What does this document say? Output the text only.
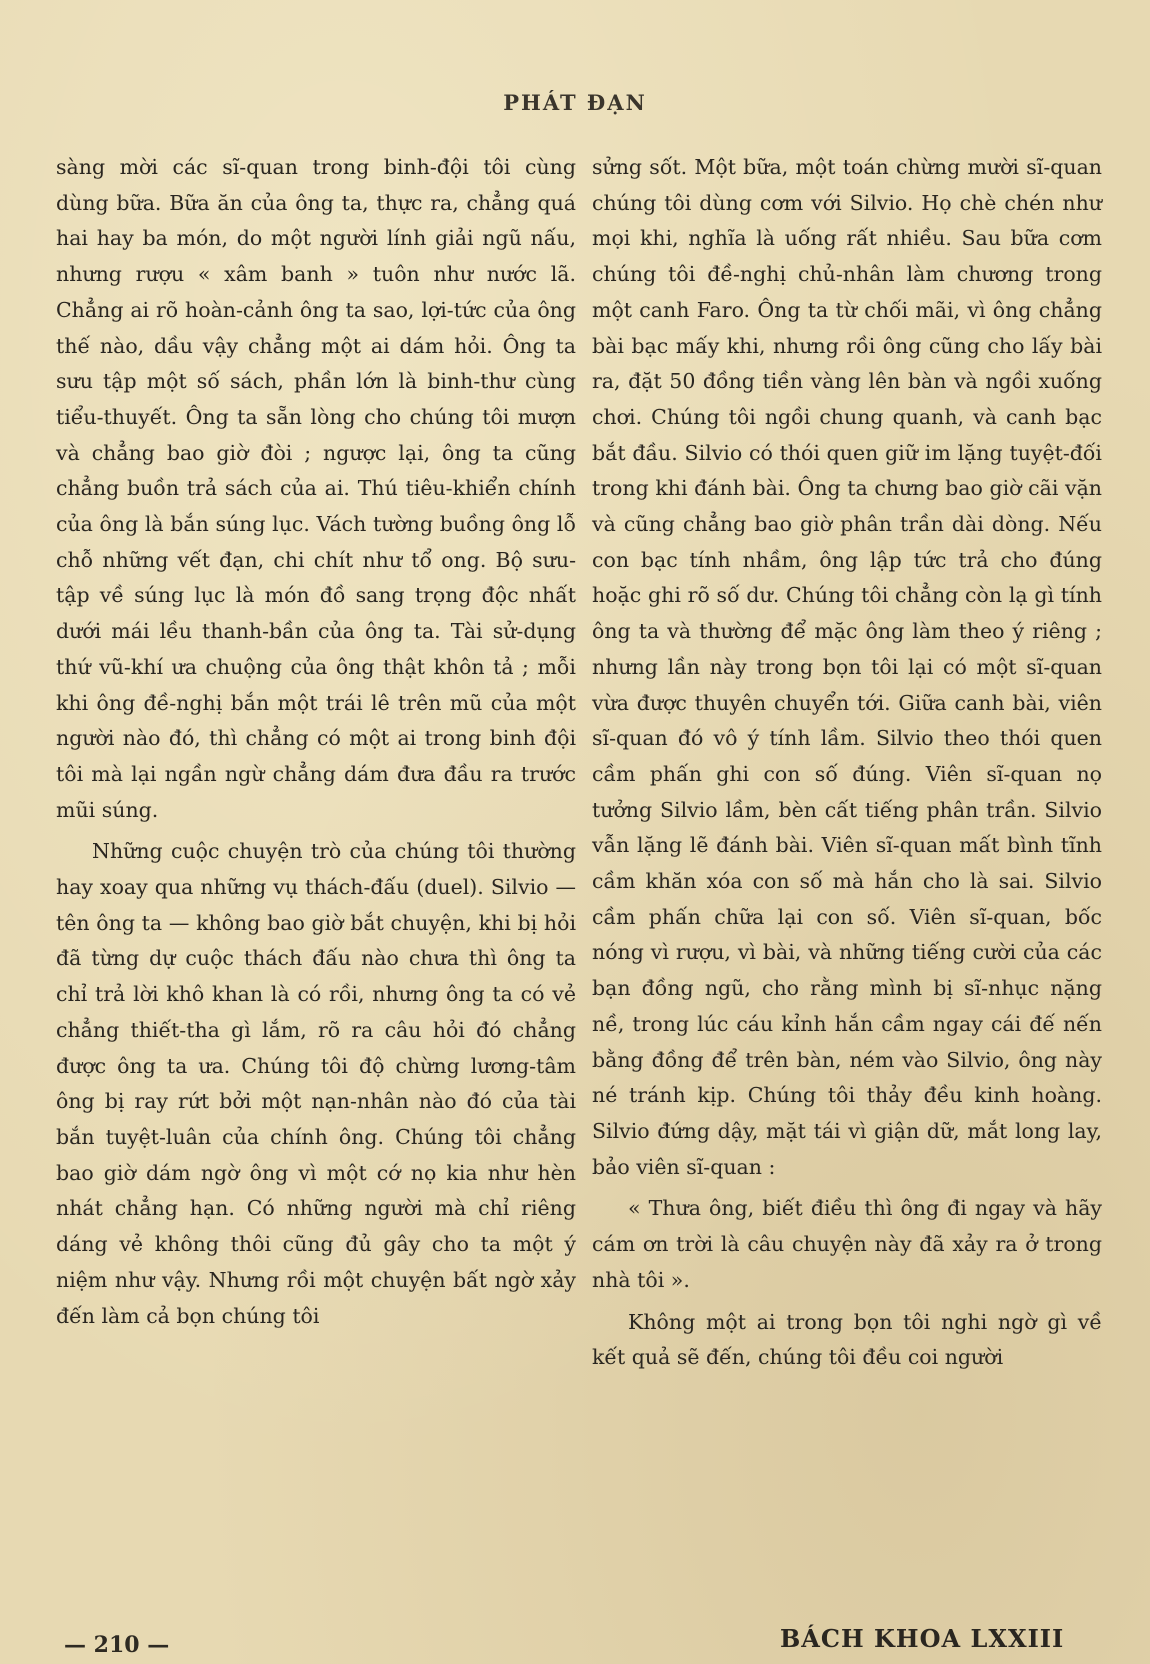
PHÁT ĐẠN

sàng mời các sĩ-quan trong binh-đội tôi cùng dùng bữa. Bữa ăn của ông ta, thực ra, chẳng quá hai hay ba món, do một người lính giải ngũ nấu, nhưng rượu « xâm banh » tuôn như nước lã. Chẳng ai rõ hoàn-cảnh ông ta sao, lợi-tức của ông thế nào, dầu vậy chẳng một ai dám hỏi. Ông ta sưu tập một số sách, phần lớn là binh-thư cùng tiểu-thuyết. Ông ta sẵn lòng cho chúng tôi mượn và chẳng bao giờ đòi ; ngược lại, ông ta cũng chẳng buồn trả sách của ai. Thú tiêu-khiển chính của ông là bắn súng lục. Vách tường buồng ông lỗ chỗ những vết đạn, chi chít như tổ ong. Bộ sưu-tập về súng lục là món đồ sang trọng độc nhất dưới mái lều thanh-bần của ông ta. Tài sử-dụng thứ vũ-khí ưa chuộng của ông thật khôn tả ; mỗi khi ông đề-nghị bắn một trái lê trên mũ của một người nào đó, thì chẳng có một ai trong binh đội tôi mà lại ngần ngừ chẳng dám đưa đầu ra trước mũi súng.

Những cuộc chuyện trò của chúng tôi thường hay xoay qua những vụ thách-đấu (duel). Silvio — tên ông ta — không bao giờ bắt chuyện, khi bị hỏi đã từng dự cuộc thách đấu nào chưa thì ông ta chỉ trả lời khô khan là có rồi, nhưng ông ta có vẻ chẳng thiết-tha gì lắm, rõ ra câu hỏi đó chẳng được ông ta ưa. Chúng tôi độ chừng lương-tâm ông bị ray rứt bởi một nạn-nhân nào đó của tài bắn tuyệt-luân của chính ông. Chúng tôi chẳng bao giờ dám ngờ ông vì một cớ nọ kia như hèn nhát chẳng hạn. Có những người mà chỉ riêng dáng vẻ không thôi cũng đủ gây cho ta một ý niệm như vậy. Nhưng rồi một chuyện bất ngờ xảy đến làm cả bọn chúng tôi

sửng sốt. Một bữa, một toán chừng mười sĩ-quan chúng tôi dùng cơm với Silvio. Họ chè chén như mọi khi, nghĩa là uống rất nhiều. Sau bữa cơm chúng tôi đề-nghị chủ-nhân làm chương trong một canh Faro. Ông ta từ chối mãi, vì ông chẳng bài bạc mấy khi, nhưng rồi ông cũng cho lấy bài ra, đặt 50 đồng tiền vàng lên bàn và ngồi xuống chơi. Chúng tôi ngồi chung quanh, và canh bạc bắt đầu. Silvio có thói quen giữ im lặng tuyệt-đối trong khi đánh bài. Ông ta chưng bao giờ cãi vặn và cũng chẳng bao giờ phân trần dài dòng. Nếu con bạc tính nhầm, ông lập tức trả cho đúng hoặc ghi rõ số dư. Chúng tôi chẳng còn lạ gì tính ông ta và thường để mặc ông làm theo ý riêng ; nhưng lần này trong bọn tôi lại có một sĩ-quan vừa được thuyên chuyển tới. Giữa canh bài, viên sĩ-quan đó vô ý tính lầm. Silvio theo thói quen cầm phấn ghi con số đúng. Viên sĩ-quan nọ tưởng Silvio lầm, bèn cất tiếng phân trần. Silvio vẫn lặng lẽ đánh bài. Viên sĩ-quan mất bình tĩnh cầm khăn xóa con số mà hắn cho là sai. Silvio cầm phấn chữa lại con số. Viên sĩ-quan, bốc nóng vì rượu, vì bài, và những tiếng cười của các bạn đồng ngũ, cho rằng mình bị sĩ-nhục nặng nề, trong lúc cáu kỉnh hắn cầm ngay cái đế nến bằng đồng để trên bàn, ném vào Silvio, ông này né tránh kịp. Chúng tôi thảy đều kinh hoàng. Silvio đứng dậy, mặt tái vì giận dữ, mắt long lay, bảo viên sĩ-quan :

« Thưa ông, biết điều thì ông đi ngay và hãy cám ơn trời là câu chuyện này đã xảy ra ở trong nhà tôi ».

Không một ai trong bọn tôi nghi ngờ gì về kết quả sẽ đến, chúng tôi đều coi người

— 210 —	BÁCH KHOA LXXIII
